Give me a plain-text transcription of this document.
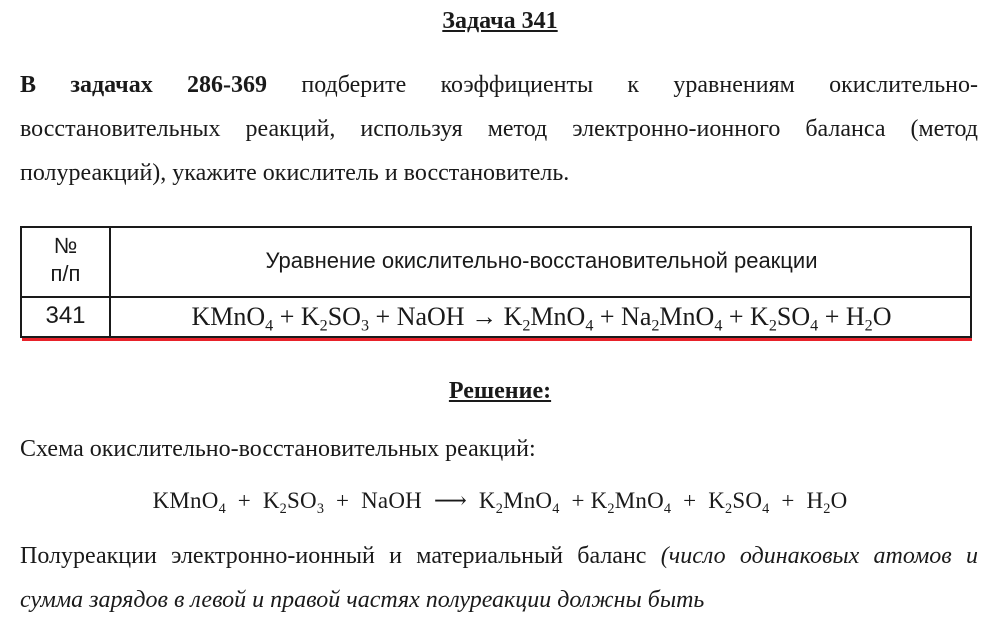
Задача 341
В задачах 286-369 подберите коэффициенты к уравнениям окислительно-восстановительных реакций, используя метод электронно-ионного баланса (метод полуреакций), укажите окислитель и восстановитель.
№
п/п
Уравнение окислительно-восстановительной реакции
341	KMnO$_4$ + $K_2SO_3$ + NaOH → $K_2MnO_4 + Na_2MnO_4 + K_2SO_4 + H_2O$
Решение:
Схема окислительно-восстановительных реакций:
KMnO$_4$  +  $K_2SO_3$  +  NaOH  ⟶  $K_2MnO_4 + K_2MnO_4 + K_2SO_4 + H_2O$
Полуреакции электронно-ионный и материальный баланс (число одинаковых атомов и сумма зарядов в левой и правой частях полуреакции должны быть
